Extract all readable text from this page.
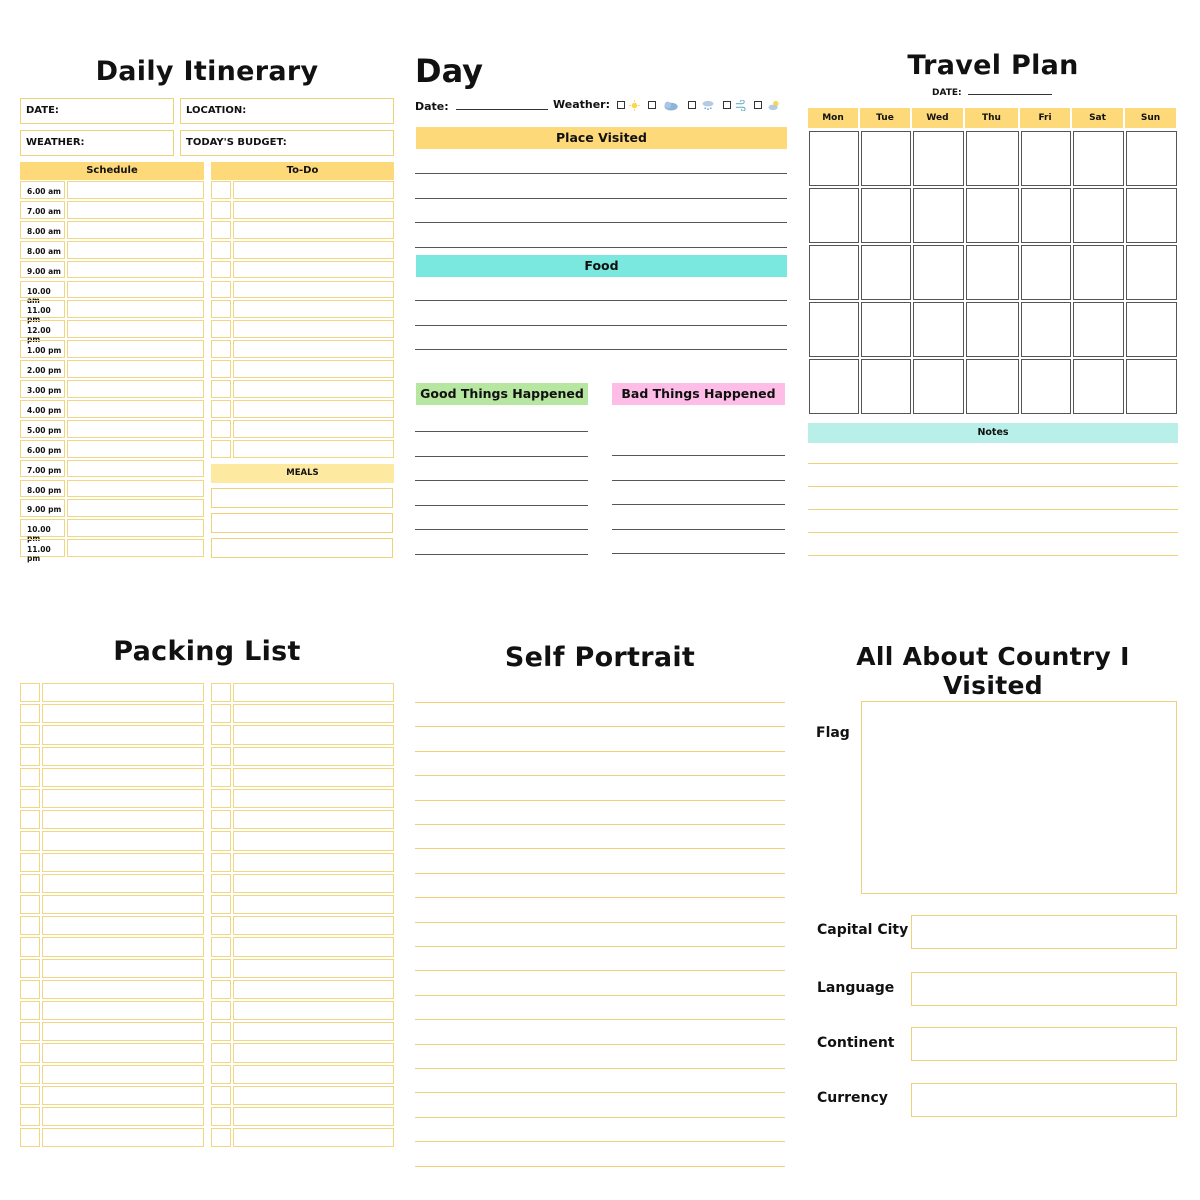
Daily Itinerary
DATE:	LOCATION:
WEATHER:	TODAY'S BUDGET:
Schedule	To-Do
6.00 am
7.00 am
8.00 am
8.00 am
9.00 am
10.00 am
11.00 pm
12.00 pm
1.00 pm
2.00 pm
3.00 pm
4.00 pm
5.00 pm
6.00 pm
7.00 pm
8.00 pm
9.00 pm
10.00 pm
11.00 pm
MEALS
Day
Date:	Weather:
Place Visited
Food
Good Things Happened	Bad Things Happened
Travel Plan
DATE:
Mon	Tue	Wed	Thu	Fri	Sat	Sun
Notes
Packing List	Self Portrait	All About Country I Visited
Flag
Capital City
Language
Continent
Currency
